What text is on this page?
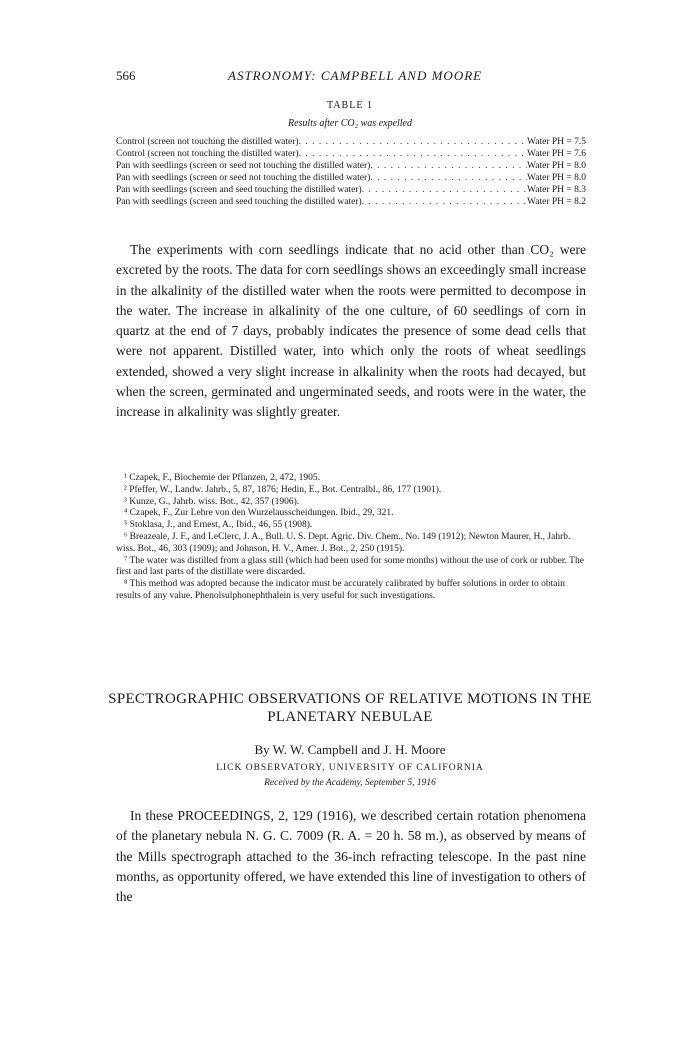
566	ASTRONOMY: CAMPBELL AND MOORE
TABLE 1
Results after CO₂ was expelled
Control (screen not touching the distilled water) . . .	Water PH = 7.5
Control (screen not touching the distilled water) . . .	Water PH = 7.6
Pan with seedlings (screen or seed not touching the distilled water) . . .	Water PH = 8.0
Pan with seedlings (screen or seed not touching the distilled water) . . .	Water PH = 8.0
Pan with seedlings (screen and seed touching the distilled water) . . .	Water PH = 8.3
Pan with seedlings (screen and seed touching the distilled water) . . .	Water PH = 8.2

The experiments with corn seedlings indicate that no acid other than CO₂ were excreted by the roots. The data for corn seedlings shows an exceedingly small increase in the alkalinity of the distilled water when the roots were permitted to decompose in the water. The increase in alkalinity of the one culture, of 60 seedlings of corn in quartz at the end of 7 days, probably indicates the presence of some dead cells that were not apparent. Distilled water, into which only the roots of wheat seedlings extended, showed a very slight increase in alkalinity when the roots had decayed, but when the screen, germinated and ungerminated seeds, and roots were in the water, the increase in alkalinity was slightly greater.

¹ Czapek, F., Biochemie der Pflanzen, 2, 472, 1905.

² Pfeffer, W., Landw. Jahrb., 5, 87, 1876; Hedin, E., Bot. Centralbl., 86, 177 (1901).

³ Kunze, G., Jahrb. wiss. Bot., 42, 357 (1906).

⁴ Czapek, F., Zur Lehre von den Wurzelausscheidungen. Ibid., 29, 321.

⁵ Stoklasa, J., and Ernest, A., Ibid., 46, 55 (1908).

⁶ Breazeale, J. F., and LeClerc, J. A., Bull. U. S. Dept. Agric. Div. Chem., No. 149 (1912); Newton Maurer, H., Jahrb. wiss. Bot., 46, 303 (1909); and Johnson, H. V., Amer. J. Bot., 2, 250 (1915).

⁷ The water was distilled from a glass still (which had been used for some months) without the use of cork or rubber. The first and last parts of the distillate were discarded.

⁸ This method was adopted because the indicator must be accurately calibrated by buffer solutions in order to obtain results of any value. Phenolsulphonephthalein is very useful for such investigations.

SPECTROGRAPHIC OBSERVATIONS OF RELATIVE MOTIONS IN THE PLANETARY NEBULAE
By W. W. Campbell and J. H. Moore
LICK OBSERVATORY, UNIVERSITY OF CALIFORNIA
Received by the Academy, September 5, 1916

In these PROCEEDINGS, 2, 129 (1916), we described certain rotation phenomena of the planetary nebula N. G. C. 7009 (R. A. = 20 h. 58 m.), as observed by means of the Mills spectrograph attached to the 36-inch refracting telescope. In the past nine months, as opportunity offered, we have extended this line of investigation to others of the
